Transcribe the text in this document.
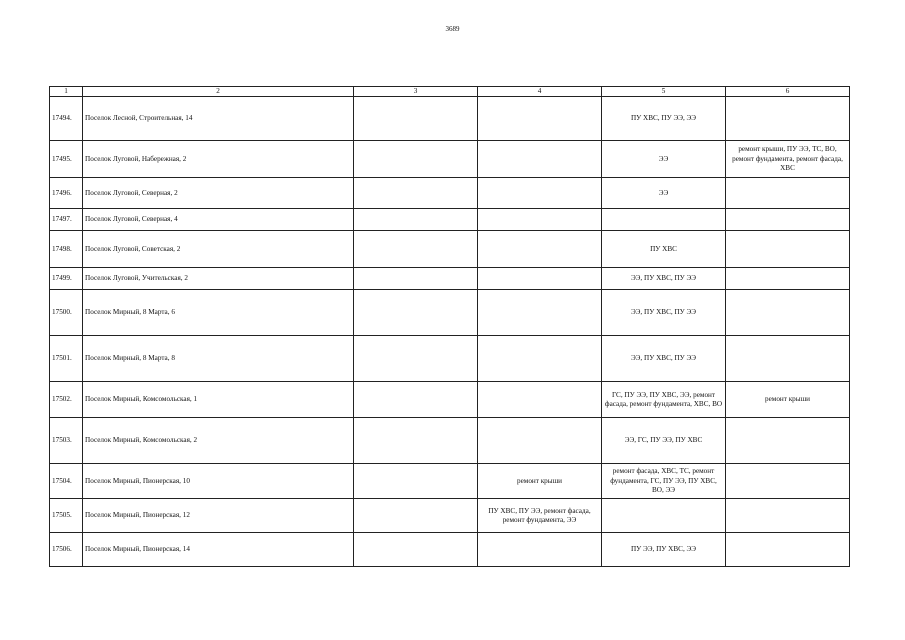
3689
1	2	3	4	5	6
17494.	Поселок Лесной, Строительная, 14			ПУ ХВС, ПУ ЭЭ, ЭЭ	
17495.	Поселок Луговой, Набережная, 2			ЭЭ	ремонт крыши, ПУ ЭЭ, ТС, ВО, ремонт фундамента, ремонт фасада, ХВС
17496.	Поселок Луговой, Северная, 2			ЭЭ	
17497.	Поселок Луговой, Северная, 4				
17498.	Поселок Луговой, Советская, 2			ПУ ХВС	
17499.	Поселок Луговой, Учительская, 2			ЭЭ, ПУ ХВС, ПУ ЭЭ	
17500.	Поселок Мирный, 8 Марта, 6			ЭЭ, ПУ ХВС, ПУ ЭЭ	
17501.	Поселок Мирный, 8 Марта, 8			ЭЭ, ПУ ХВС, ПУ ЭЭ	
17502.	Поселок Мирный, Комсомольская, 1			ГС, ПУ ЭЭ, ПУ ХВС, ЭЭ, ремонт фасада, ремонт фундамента, ХВС, ВО	ремонт крыши
17503.	Поселок Мирный, Комсомольская, 2			ЭЭ, ГС, ПУ ЭЭ, ПУ ХВС	
17504.	Поселок Мирный, Пионерская, 10		ремонт крыши	ремонт фасада, ХВС, ТС, ремонт фундамента, ГС, ПУ ЭЭ, ПУ ХВС, ВО, ЭЭ	
17505.	Поселок Мирный, Пионерская, 12		ПУ ХВС, ПУ ЭЭ, ремонт фасада, ремонт фундамента, ЭЭ		
17506.	Поселок Мирный, Пионерская, 14			ПУ ЭЭ, ПУ ХВС, ЭЭ	
